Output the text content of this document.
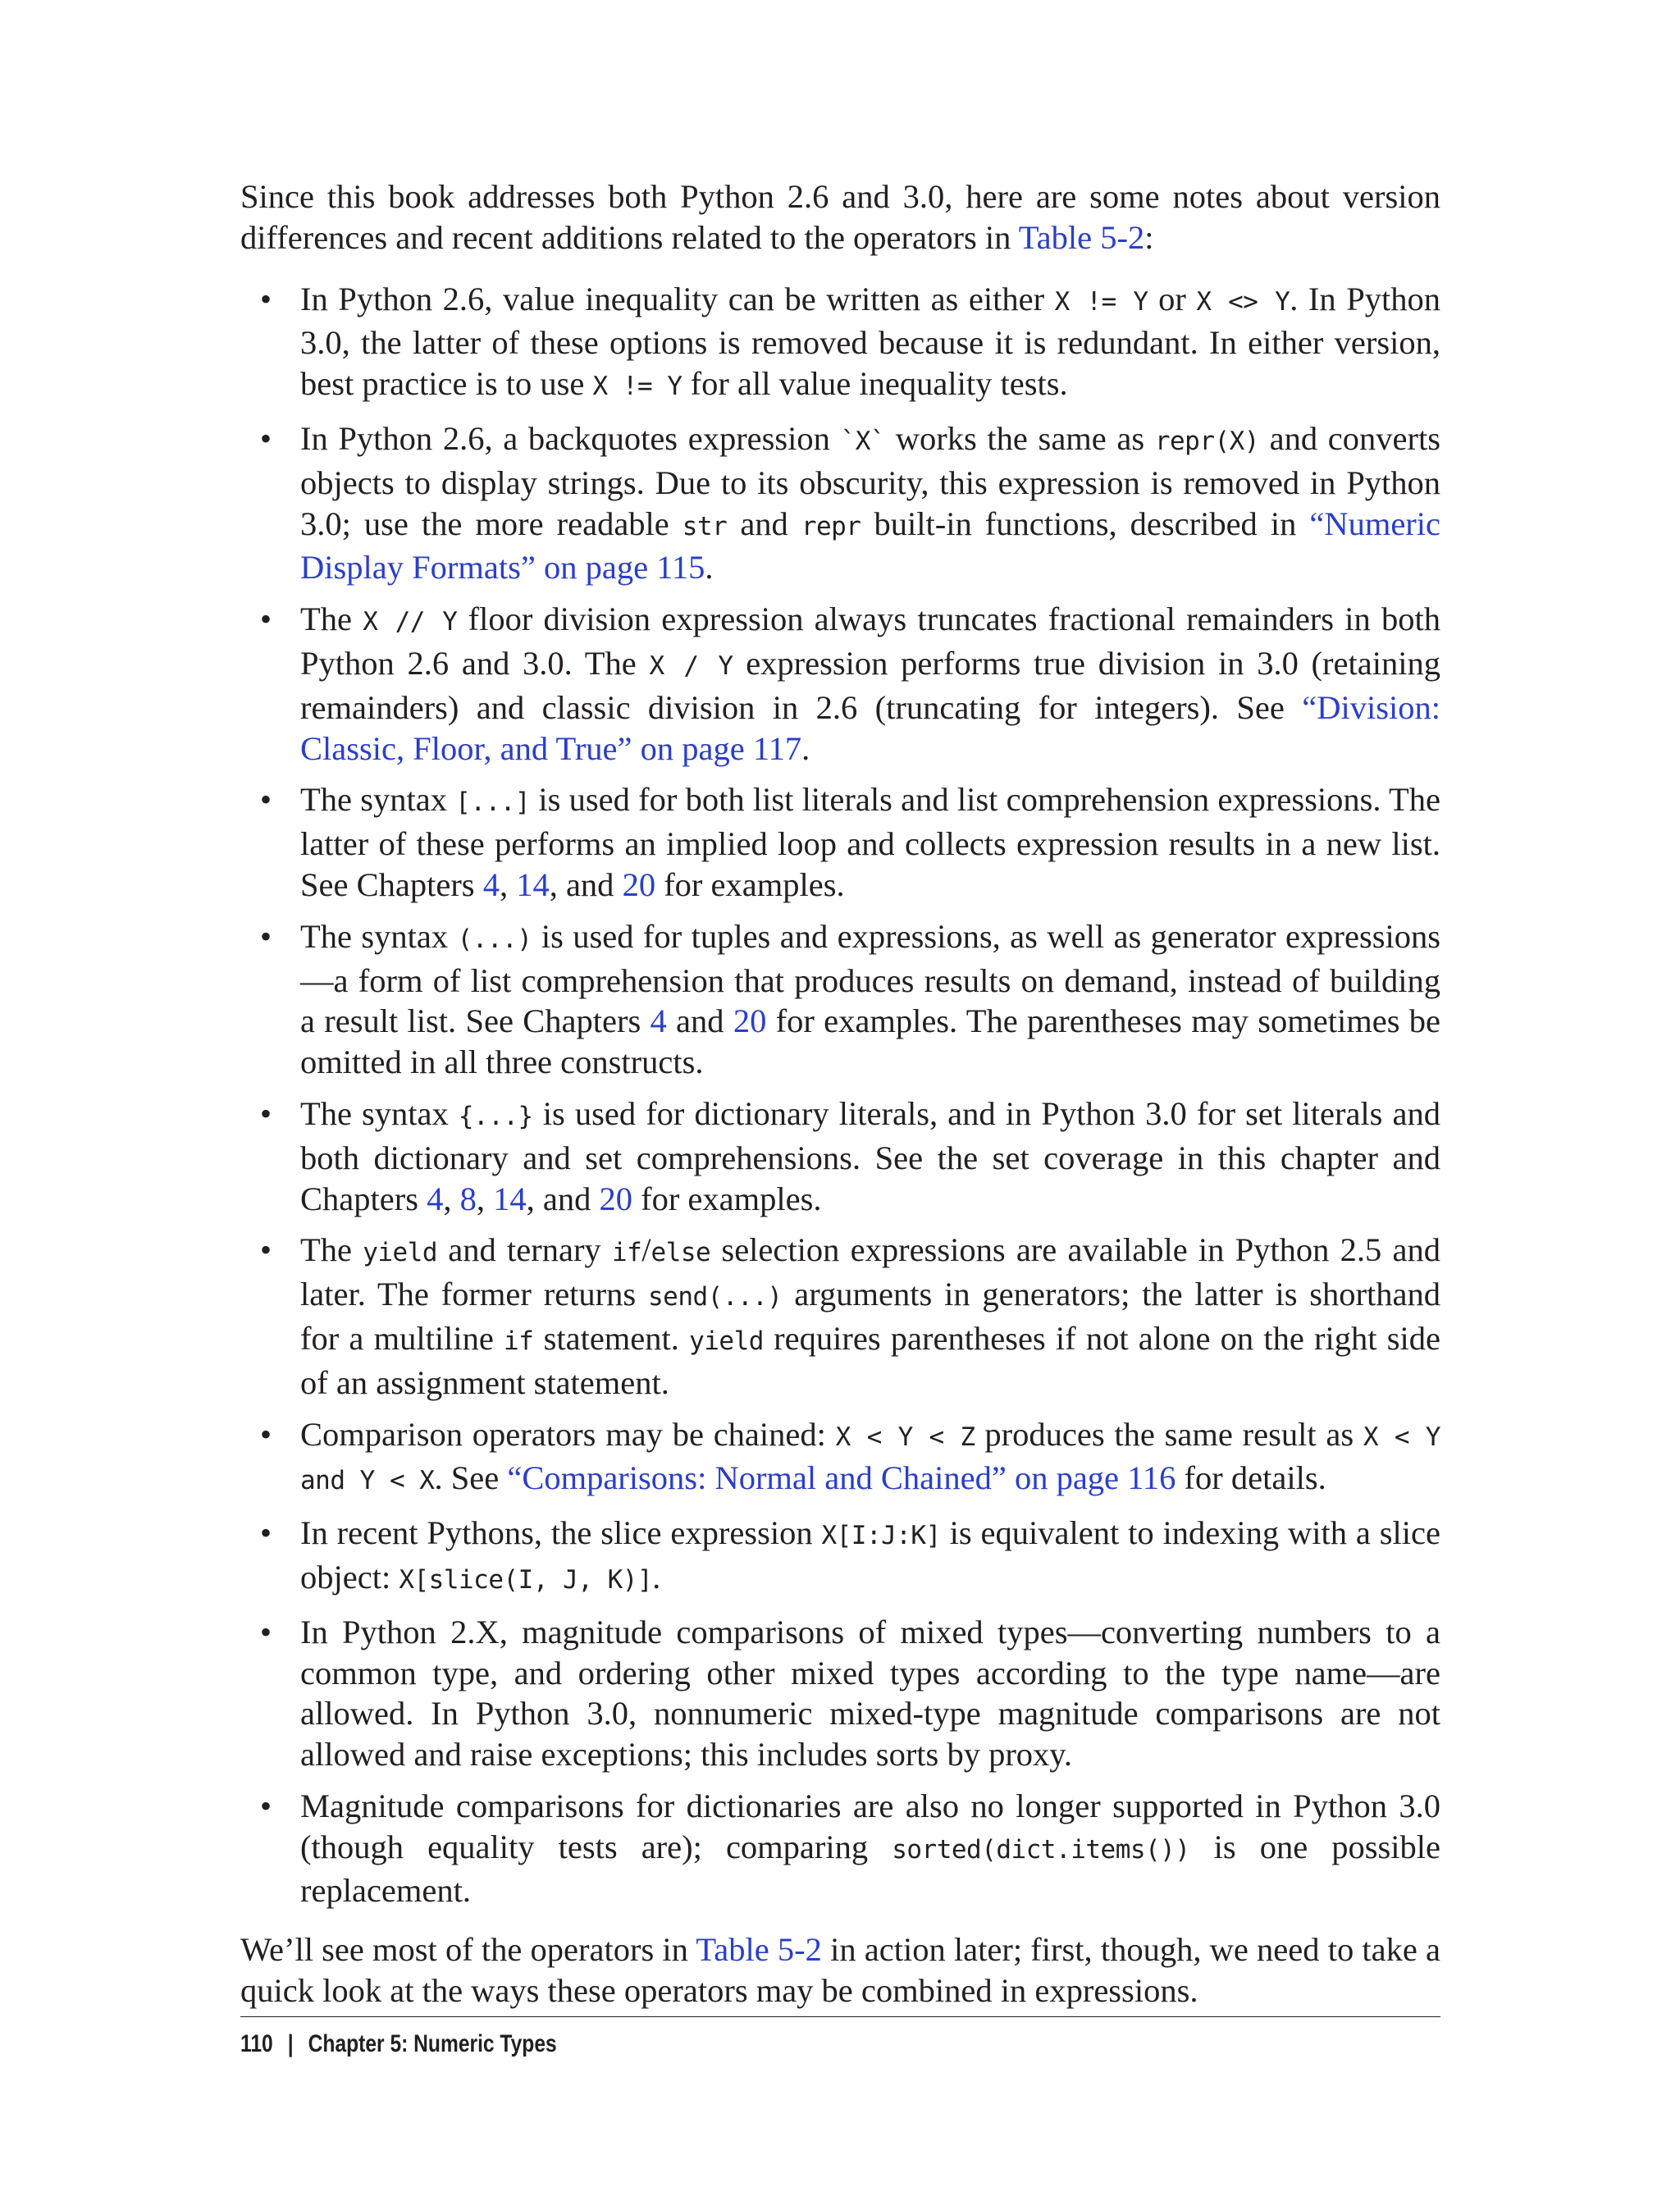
Since this book addresses both Python 2.6 and 3.0, here are some notes about version differences and recent additions related to the operators in Table 5-2:

• In Python 2.6, value inequality can be written as either X != Y or X <> Y. In Python 3.0, the latter of these options is removed because it is redundant. In either version, best practice is to use X != Y for all value inequality tests.
• In Python 2.6, a backquotes expression `X` works the same as repr(X) and converts objects to display strings. Due to its obscurity, this expression is removed in Python 3.0; use the more readable str and repr built-in functions, described in “Numeric Display Formats” on page 115.
• The X // Y floor division expression always truncates fractional remainders in both Python 2.6 and 3.0. The X / Y expression performs true division in 3.0 (retaining remainders) and classic division in 2.6 (truncating for integers). See “Division: Classic, Floor, and True” on page 117.
• The syntax [...] is used for both list literals and list comprehension expressions. The latter of these performs an implied loop and collects expression results in a new list. See Chapters 4, 14, and 20 for examples.
• The syntax (...) is used for tuples and expressions, as well as generator expressions—a form of list comprehension that produces results on demand, instead of building a result list. See Chapters 4 and 20 for examples. The parentheses may sometimes be omitted in all three constructs.
• The syntax {...} is used for dictionary literals, and in Python 3.0 for set literals and both dictionary and set comprehensions. See the set coverage in this chapter and Chapters 4, 8, 14, and 20 for examples.
• The yield and ternary if/else selection expressions are available in Python 2.5 and later. The former returns send(...) arguments in generators; the latter is shorthand for a multiline if statement. yield requires parentheses if not alone on the right side of an assignment statement.
• Comparison operators may be chained: X < Y < Z produces the same result as X < Y and Y < X. See “Comparisons: Normal and Chained” on page 116 for details.
• In recent Pythons, the slice expression X[I:J:K] is equivalent to indexing with a slice object: X[slice(I, J, K)].
• In Python 2.X, magnitude comparisons of mixed types—converting numbers to a common type, and ordering other mixed types according to the type name—are allowed. In Python 3.0, nonnumeric mixed-type magnitude comparisons are not allowed and raise exceptions; this includes sorts by proxy.
• Magnitude comparisons for dictionaries are also no longer supported in Python 3.0 (though equality tests are); comparing sorted(dict.items()) is one possible replacement.

We’ll see most of the operators in Table 5-2 in action later; first, though, we need to take a quick look at the ways these operators may be combined in expressions.

110 | Chapter 5: Numeric Types
